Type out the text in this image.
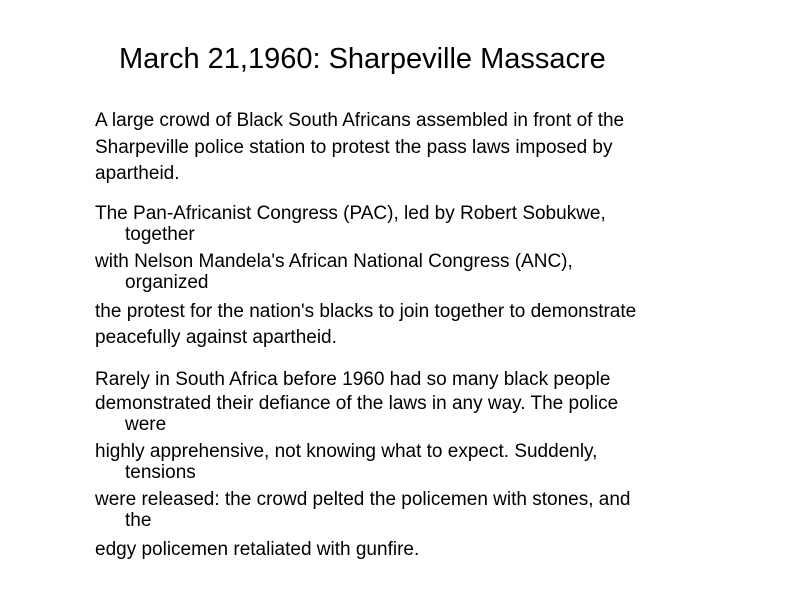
March 21,1960: Sharpeville Massacre
A large crowd of Black South Africans assembled in front of the
Sharpeville police station to protest the pass laws imposed by
apartheid.
The Pan-Africanist Congress (PAC), led by Robert Sobukwe,
together
with Nelson Mandela's African National Congress (ANC),
organized
the protest for the nation's blacks to join together to demonstrate
peacefully against apartheid.
Rarely in South Africa before 1960 had so many black people
demonstrated their defiance of the laws in any way. The police
were
highly apprehensive, not knowing what to expect. Suddenly,
tensions
were released: the crowd pelted the policemen with stones, and
the
edgy policemen retaliated with gunfire.
